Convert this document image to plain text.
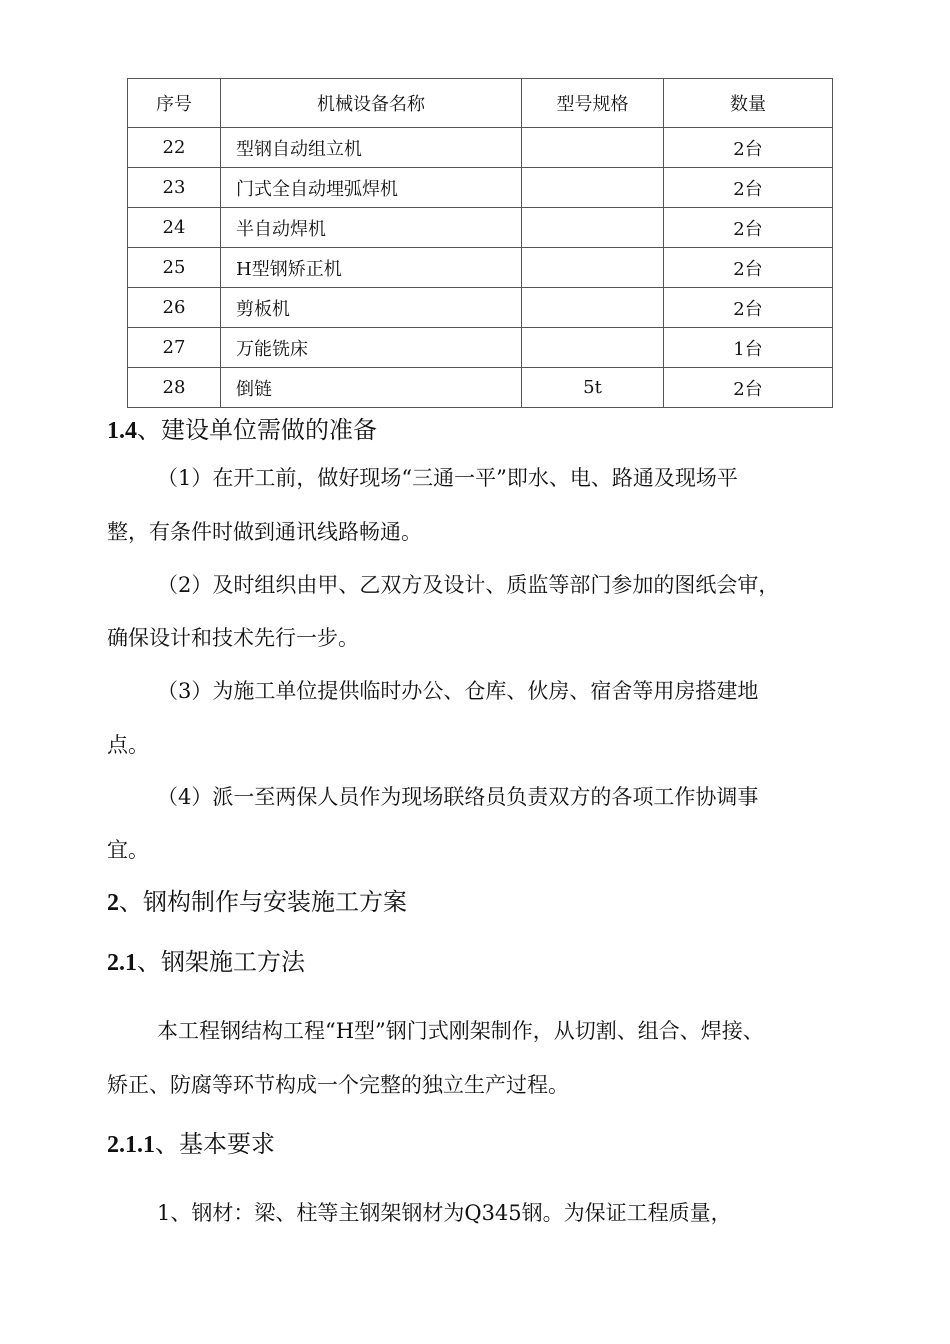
序号	机械设备名称	型号规格	数量
22	型钢自动组立机		2台
23	门式全自动埋弧焊机		2台
24	半自动焊机		2台
25	H型钢矫正机		2台
26	剪板机		2台
27	万能铣床		1台
28	倒链	5t	2台
1.4、建设单位需做的准备
（1）在开工前，做好现场“三通一平”即水、电、路通及现场平
整，有条件时做到通讯线路畅通。
（2）及时组织由甲、乙双方及设计、质监等部门参加的图纸会审，
确保设计和技术先行一步。
（3）为施工单位提供临时办公、仓库、伙房、宿舍等用房搭建地
点。
（4）派一至两保人员作为现场联络员负责双方的各项工作协调事
宜。
2、钢构制作与安装施工方案
2.1、钢架施工方法
本工程钢结构工程“H型”钢门式刚架制作，从切割、组合、焊接、
矫正、防腐等环节构成一个完整的独立生产过程。
2.1.1、基本要求
1、钢材：梁、柱等主钢架钢材为Q345钢。为保证工程质量，
